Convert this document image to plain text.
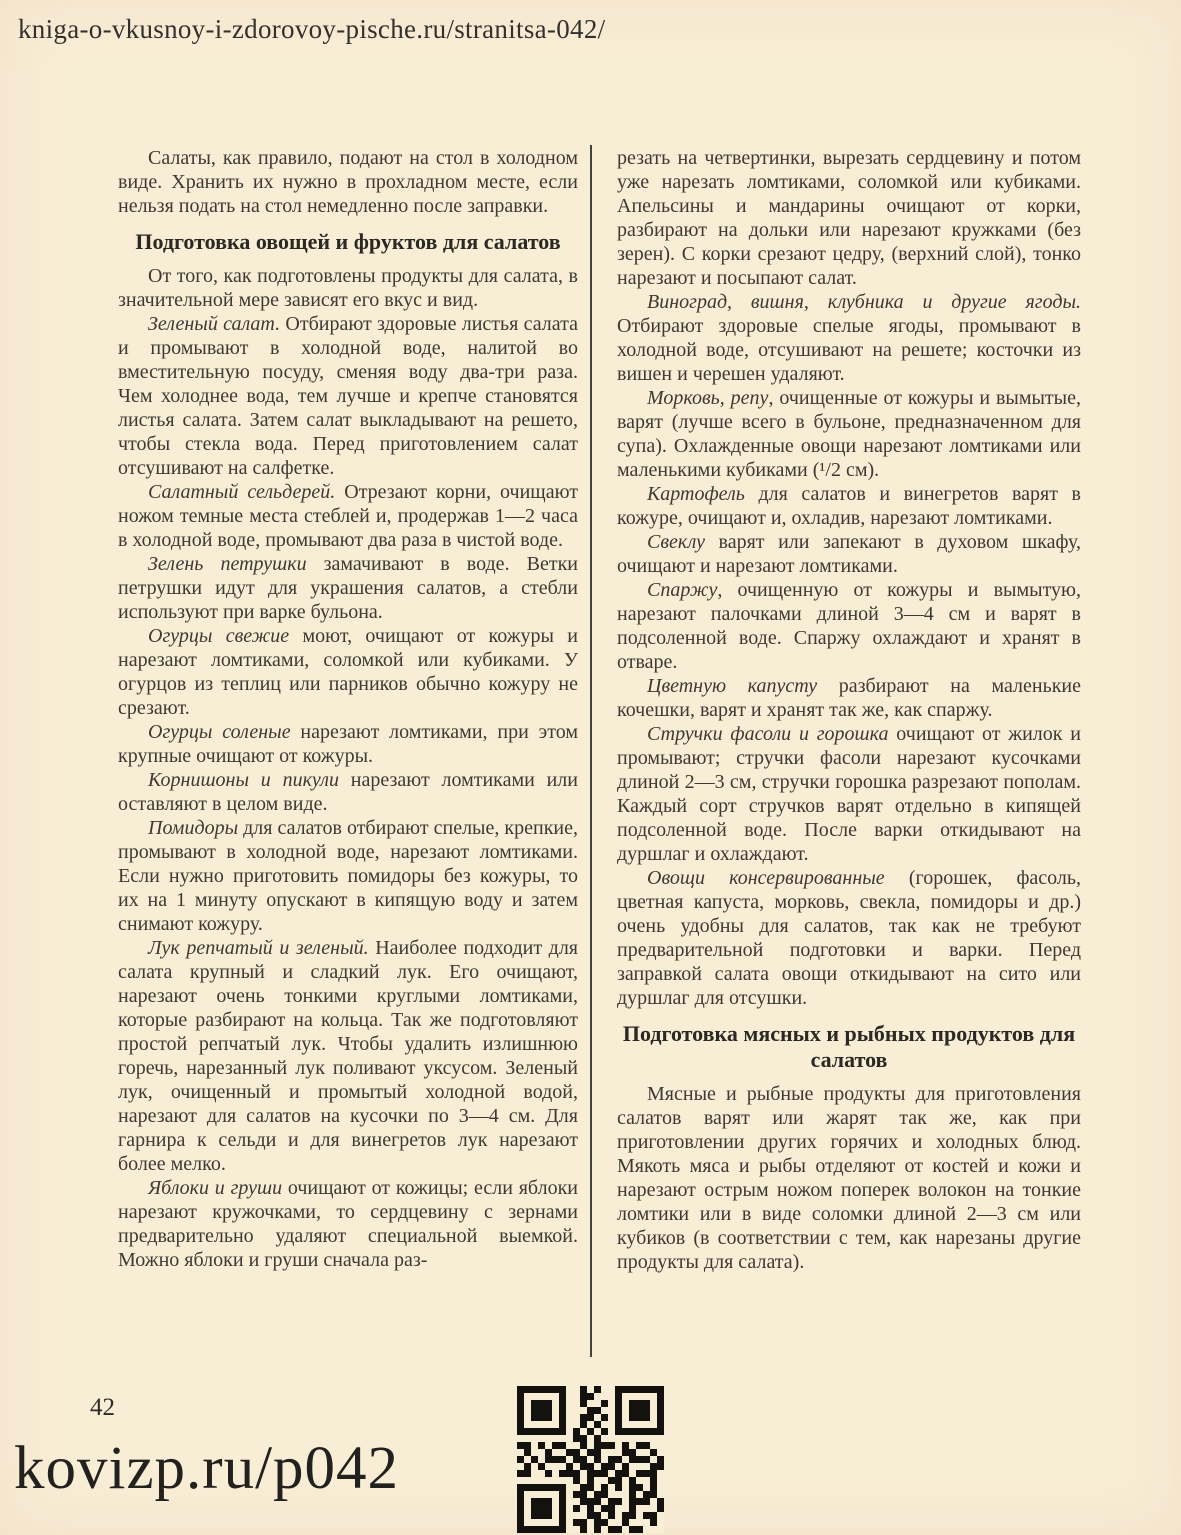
kniga-o-vkusnoy-i-zdorovoy-pische.ru/stranitsa-042/

Салаты, как правило, подают на стол в холодном виде. Хранить их нужно в прохладном месте, если нельзя подать на стол немедленно после заправки.

Подготовка овощей и фруктов для салатов

От того, как подготовлены продукты для салата, в значительной мере зависят его вкус и вид.

Зеленый салат. Отбирают здоровые листья салата и промывают в холодной воде, налитой во вместительную посуду, сменяя воду два-три раза. Чем холоднее вода, тем лучше и крепче становятся листья салата. Затем салат выкладывают на решето, чтобы стекла вода. Перед приготовлением салат отсушивают на салфетке.

Салатный сельдерей. Отрезают корни, очищают ножом темные места стеблей и, продержав 1—2 часа в холодной воде, промывают два раза в чистой воде.

Зелень петрушки замачивают в воде. Ветки петрушки идут для украшения салатов, а стебли используют при варке бульона.

Огурцы свежие моют, очищают от кожуры и нарезают ломтиками, соломкой или кубиками. У огурцов из теплиц или парников обычно кожуру не срезают.

Огурцы соленые нарезают ломтиками, при этом крупные очищают от кожуры.

Корнишоны и пикули нарезают ломтиками или оставляют в целом виде.

Помидоры для салатов отбирают спелые, крепкие, промывают в холодной воде, нарезают ломтиками. Если нужно приготовить помидоры без кожуры, то их на 1 минуту опускают в кипящую воду и затем снимают кожуру.

Лук репчатый и зеленый. Наиболее подходит для салата крупный и сладкий лук. Его очищают, нарезают очень тонкими круглыми ломтиками, которые разбирают на кольца. Так же подготовляют простой репчатый лук. Чтобы удалить излишнюю горечь, нарезанный лук поливают уксусом. Зеленый лук, очищенный и промытый холодной водой, нарезают для салатов на кусочки по 3—4 см. Для гарнира к сельди и для винегретов лук нарезают более мелко.

Яблоки и груши очищают от кожицы; если яблоки нарезают кружочками, то сердцевину с зернами предварительно удаляют специальной выемкой. Можно яблоки и груши сначала раз-

резать на четвертинки, вырезать сердцевину и потом уже нарезать ломтиками, соломкой или кубиками. Апельсины и мандарины очищают от корки, разбирают на дольки или нарезают кружками (без зерен). С корки срезают цедру, (верхний слой), тонко нарезают и посыпают салат.

Виноград, вишня, клубника и другие ягоды. Отбирают здоровые спелые ягоды, промывают в холодной воде, отсушивают на решете; косточки из вишен и черешен удаляют.

Морковь, репу, очищенные от кожуры и вымытые, варят (лучше всего в бульоне, предназначенном для супа). Охлажденные овощи нарезают ломтиками или маленькими кубиками (¹/2 см).

Картофель для салатов и винегретов варят в кожуре, очищают и, охладив, нарезают ломтиками.

Свеклу варят или запекают в духовом шкафу, очищают и нарезают ломтиками.

Спаржу, очищенную от кожуры и вымытую, нарезают палочками длиной 3—4 см и варят в подсоленной воде. Спаржу охлаждают и хранят в отваре.

Цветную капусту разбирают на маленькие кочешки, варят и хранят так же, как спаржу.

Стручки фасоли и горошка очищают от жилок и промывают; стручки фасоли нарезают кусочками длиной 2—3 см, стручки горошка разрезают пополам. Каждый сорт стручков варят отдельно в кипящей подсоленной воде. После варки откидывают на дуршлаг и охлаждают.

Овощи консервированные (горошек, фасоль, цветная капуста, морковь, свекла, помидоры и др.) очень удобны для салатов, так как не требуют предварительной подготовки и варки. Перед заправкой салата овощи откидывают на сито или дуршлаг для отсушки.

Подготовка мясных и рыбных продуктов для салатов

Мясные и рыбные продукты для приготовления салатов варят или жарят так же, как при приготовлении других горячих и холодных блюд. Мякоть мяса и рыбы отделяют от костей и кожи и нарезают острым ножом поперек волокон на тонкие ломтики или в виде соломки длиной 2—3 см или кубиков (в соответствии с тем, как нарезаны другие продукты для салата).

42
kovizp.ru/p042
